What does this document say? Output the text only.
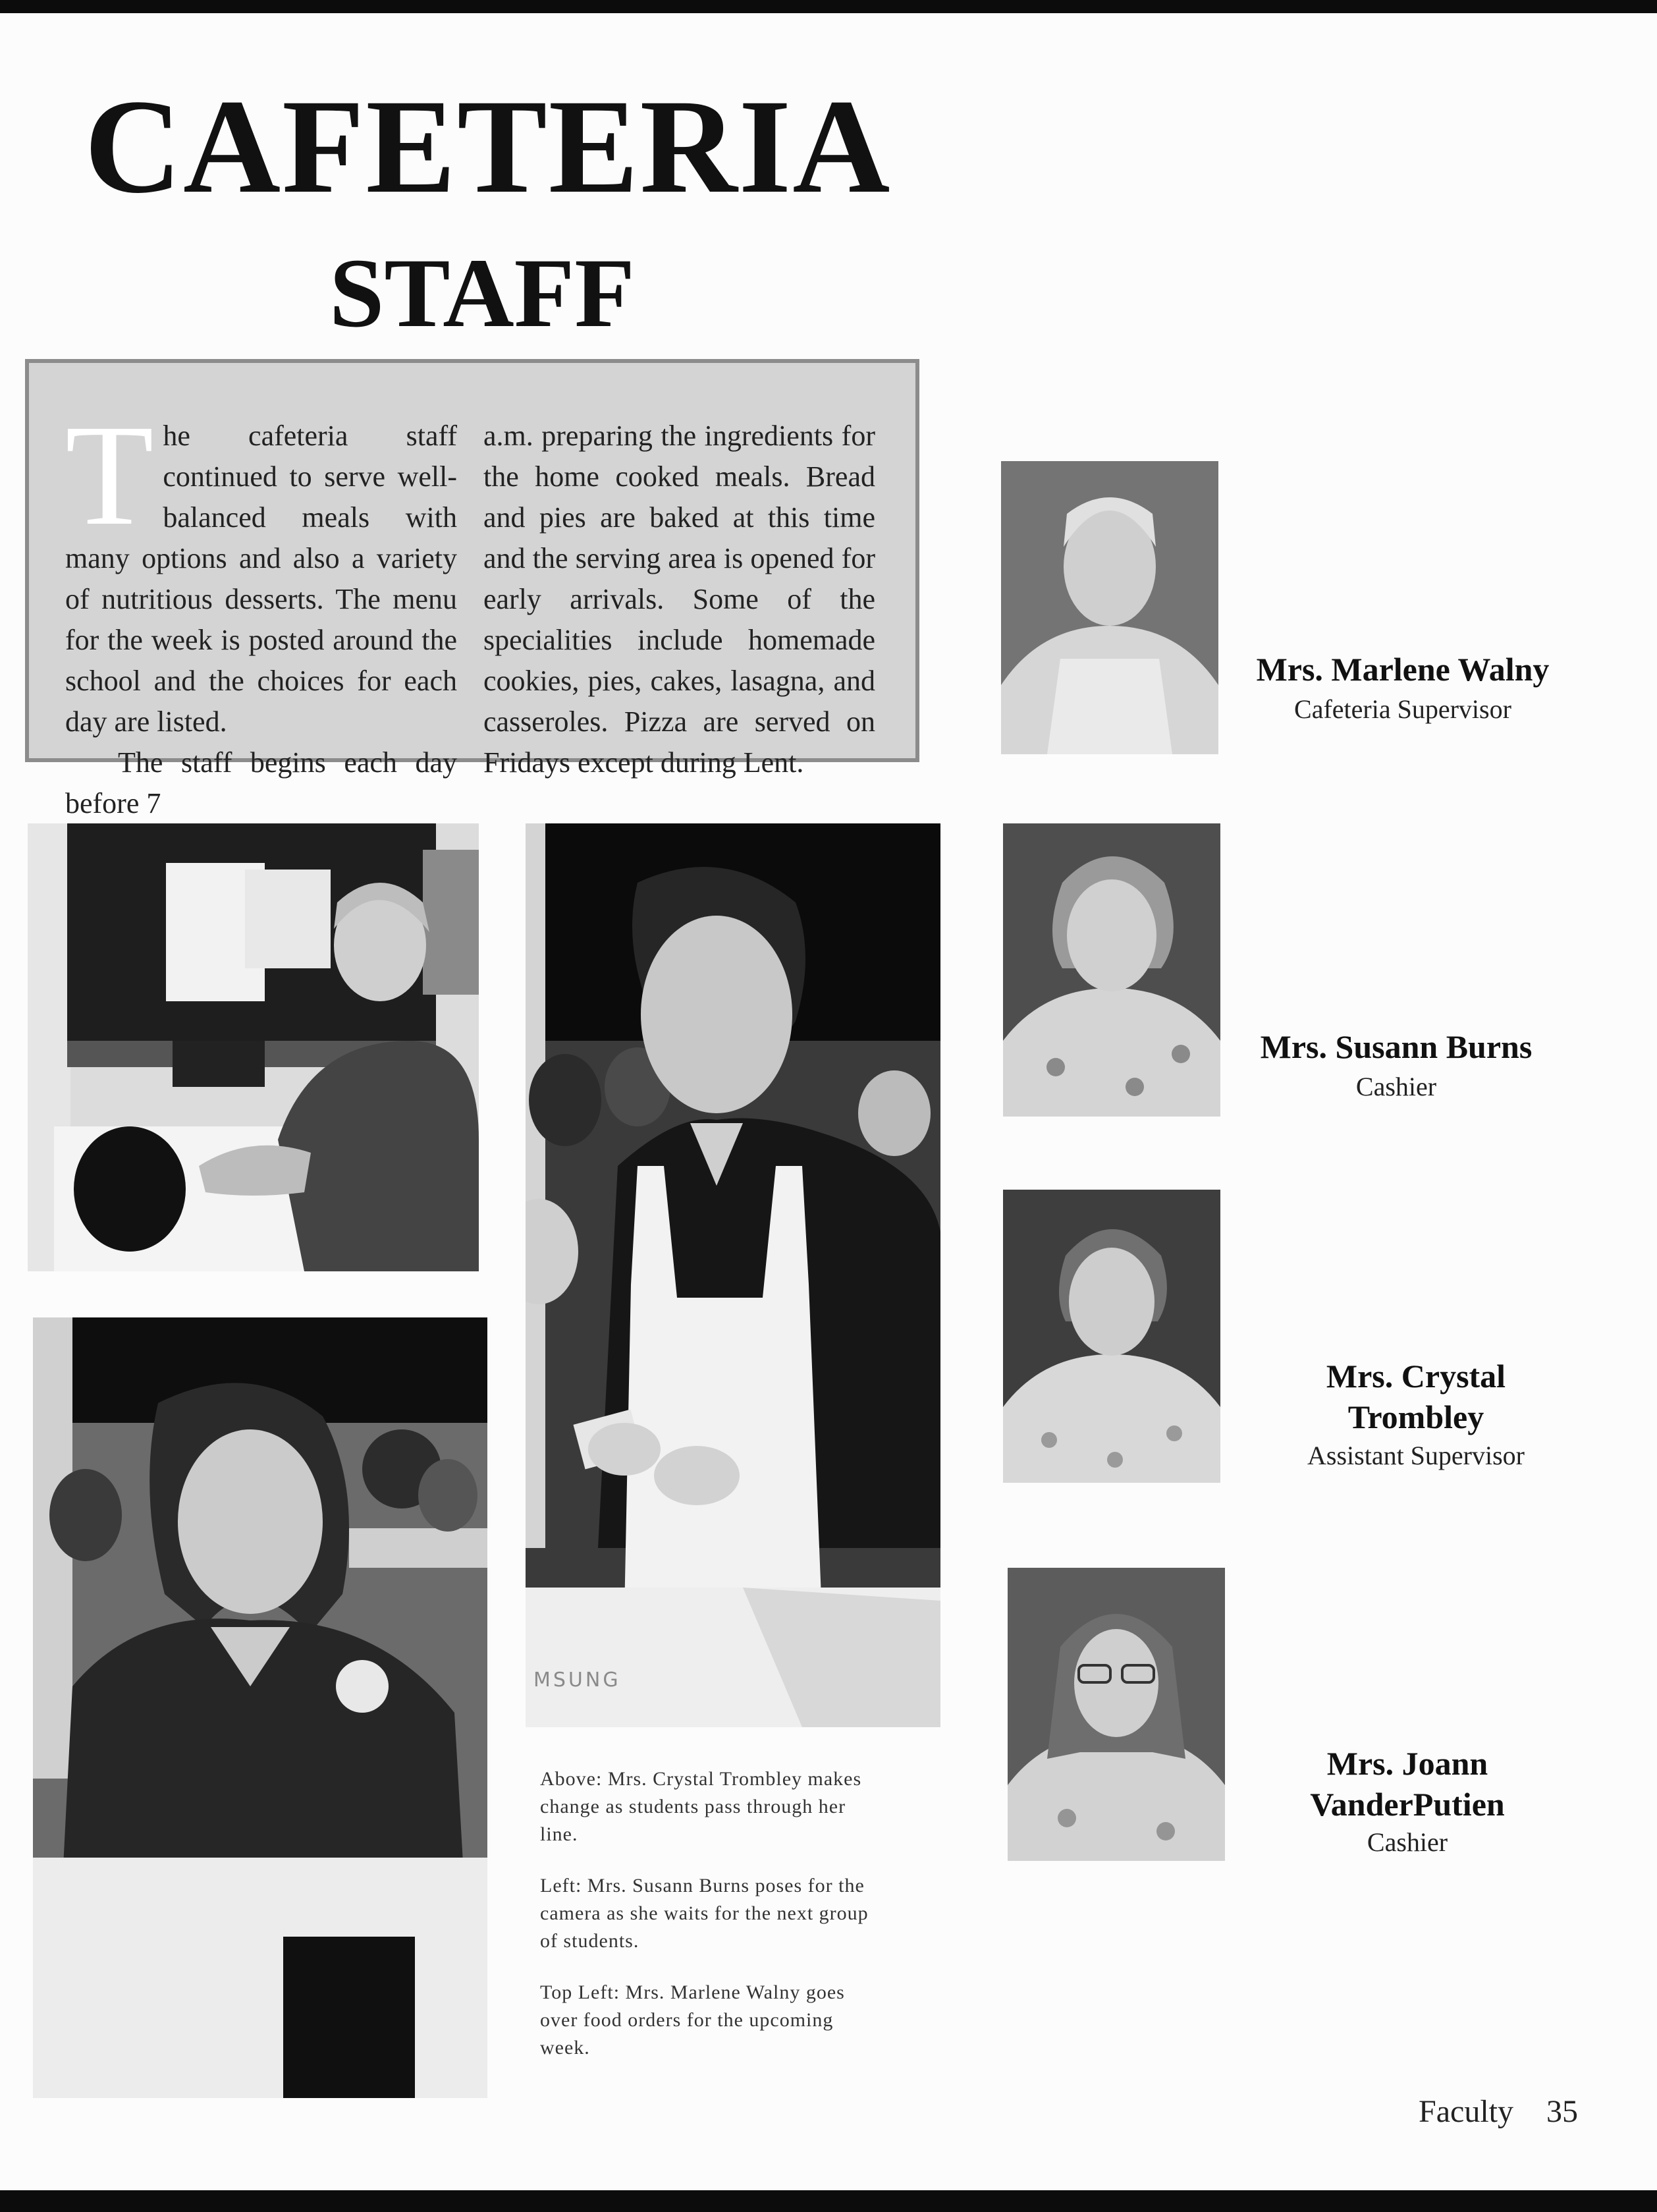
CAFETERIA
STAFF

The cafeteria staff continued to serve well-balanced meals with many options and also a variety of nutritious desserts. The menu for the week is posted around the school and the choices for each day are listed.
The staff begins each day before 7

a.m. preparing the ingredients for the home cooked meals. Bread and pies are baked at this time and the serving area is opened for early arrivals. Some of the specialities include homemade cookies, pies, cakes, lasagna, and casseroles. Pizza are served on Fridays except during Lent.

MSUNG
Mrs. Marlene Walny
Cafeteria Supervisor
Mrs. Susann Burns
Cashier
Mrs. Crystal
Trombley
Assistant Supervisor
Mrs. Joann
VanderPutien
Cashier

Above: Mrs. Crystal Trombley makes change as students pass through her line.

Left: Mrs. Susann Burns poses for the camera as she waits for the next group of students.

Top Left: Mrs. Marlene Walny goes over food orders for the upcoming week.

Faculty 35
